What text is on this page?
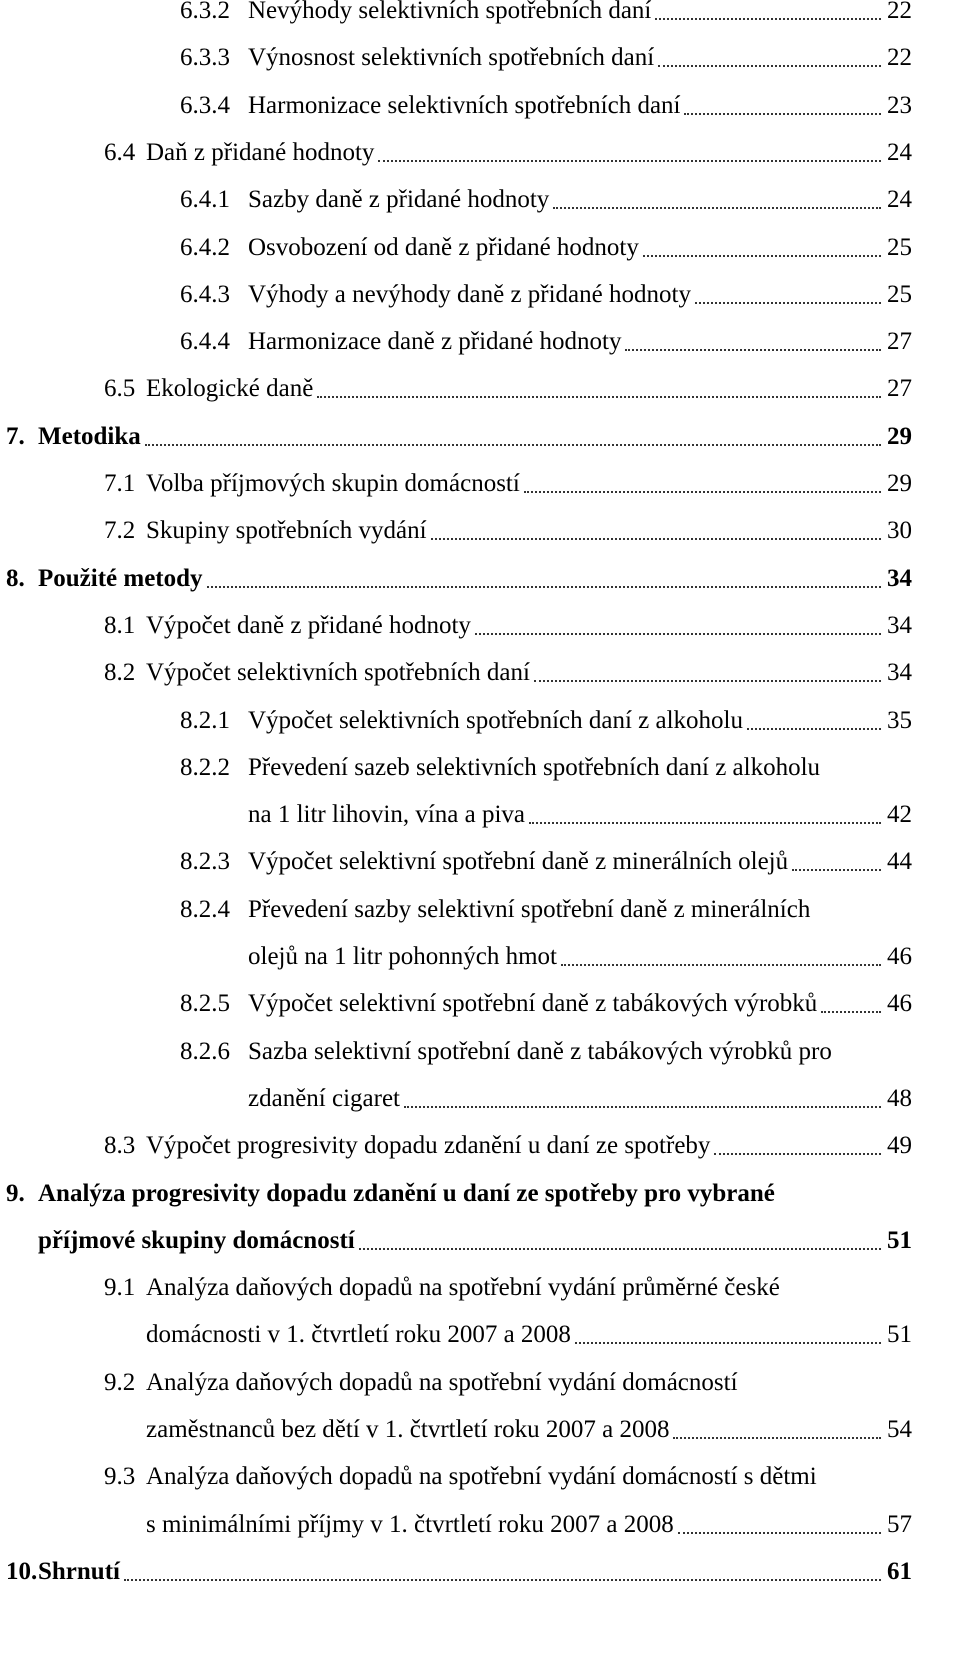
6.3.2 Nevýhody selektivních spotřebních daní	22
6.3.3 Výnosnost selektivních spotřebních daní	22
6.3.4 Harmonizace selektivních spotřebních daní	23
6.4 Daň z přidané hodnoty	24
6.4.1 Sazby daně z přidané hodnoty	24
6.4.2 Osvobození od daně z přidané hodnoty	25
6.4.3 Výhody a nevýhody daně z přidané hodnoty	25
6.4.4 Harmonizace daně z přidané hodnoty	27
6.5 Ekologické daně	27
7. Metodika	29
7.1 Volba příjmových skupin domácností	29
7.2 Skupiny spotřebních vydání	30
8. Použité metody	34
8.1 Výpočet daně z přidané hodnoty	34
8.2 Výpočet selektivních spotřebních daní	34
8.2.1 Výpočet selektivních spotřebních daní z alkoholu	35
8.2.2 Převedení sazeb selektivních spotřebních daní z alkoholu
na 1 litr lihovin, vína a piva	42
8.2.3 Výpočet selektivní spotřební daně z minerálních olejů	44
8.2.4 Převedení sazby selektivní spotřební daně z minerálních
olejů na 1 litr pohonných hmot	46
8.2.5 Výpočet selektivní spotřební daně z tabákových výrobků	46
8.2.6 Sazba selektivní spotřební daně z tabákových výrobků pro
zdanění cigaret	48
8.3 Výpočet progresivity dopadu zdanění u daní ze spotřeby	49
9. Analýza progresivity dopadu zdanění u daní ze spotřeby pro vybrané
příjmové skupiny domácností	51
9.1 Analýza daňových dopadů na spotřební vydání průměrné české
domácnosti v 1. čtvrtletí roku 2007 a 2008	51
9.2 Analýza daňových dopadů na spotřební vydání domácností
zaměstnanců bez dětí v 1. čtvrtletí roku 2007 a 2008	54
9.3 Analýza daňových dopadů na spotřební vydání domácností s dětmi
s minimálními příjmy v 1. čtvrtletí roku 2007 a 2008	57
10. Shrnutí	61
